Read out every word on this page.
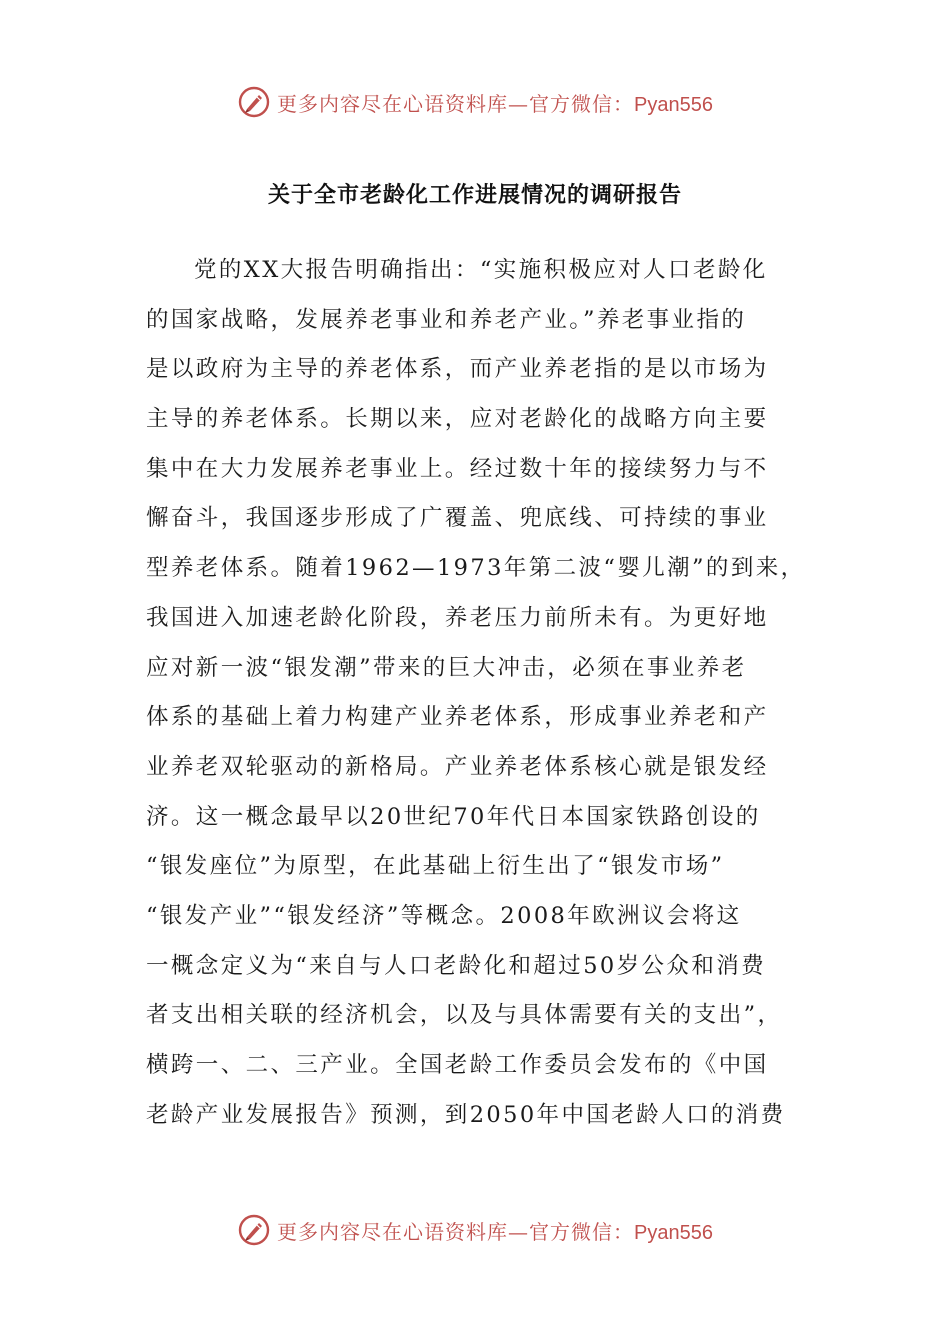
更多内容尽在心语资料库—官方微信：Pyan556
关于全市老龄化工作进展情况的调研报告
党的XX大报告明确指出：“实施积极应对人口老龄化
的国家战略，发展养老事业和养老产业。”养老事业指的
是以政府为主导的养老体系，而产业养老指的是以市场为
主导的养老体系。长期以来，应对老龄化的战略方向主要
集中在大力发展养老事业上。经过数十年的接续努力与不
懈奋斗，我国逐步形成了广覆盖、兜底线、可持续的事业
型养老体系。随着1962—1973年第二波“婴儿潮”的到来，
我国进入加速老龄化阶段，养老压力前所未有。为更好地
应对新一波“银发潮”带来的巨大冲击，必须在事业养老
体系的基础上着力构建产业养老体系，形成事业养老和产
业养老双轮驱动的新格局。产业养老体系核心就是银发经
济。这一概念最早以20世纪70年代日本国家铁路创设的
“银发座位”为原型，在此基础上衍生出了“银发市场”
“银发产业”“银发经济”等概念。2008年欧洲议会将这
一概念定义为“来自与人口老龄化和超过50岁公众和消费
者支出相关联的经济机会，以及与具体需要有关的支出”，
横跨一、二、三产业。全国老龄工作委员会发布的《中国
老龄产业发展报告》预测，到2050年中国老龄人口的消费
更多内容尽在心语资料库—官方微信：Pyan556
